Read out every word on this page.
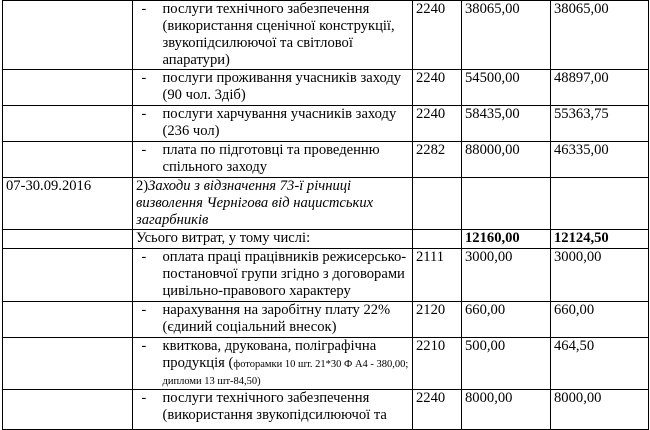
	-	послуги технічного забезпечення (використання сценічної конструкції, звукопідсилюючої та світлової апаратури)	2240	38065,00	38065,00
	-	послуги проживання учасників заходу (90 чол. 3діб)	2240	54500,00	48897,00
	-	послуги харчування учасників заходу (236 чол)	2240	58435,00	55363,75
	-	плата по підготовці та проведенню спільного заходу	2282	88000,00	46335,00
07-30.09.2016	2)Заходи з відзначення 73-ї річниці визволення Чернігова від нацистських загарбників				
	Усього витрат, у тому числі:			12160,00	12124,50
	-	оплата праці працівників режисерсько-постановчої групи згідно з договорами цивільно-правового характеру	2111	3000,00	3000,00
	-	нарахування на заробітну плату 22% (єдиний соціальний внесок)	2120	660,00	660,00
	-	квиткова, друкована, поліграфічна продукція (фоторамки 10 шт. 21*30 Ф А4 - 380,00; дипломи 13 шт-84,50)	2210	500,00	464,50
	-	послуги технічного забезпечення (використання звукопідсилюючої та	2240	8000,00	8000,00
